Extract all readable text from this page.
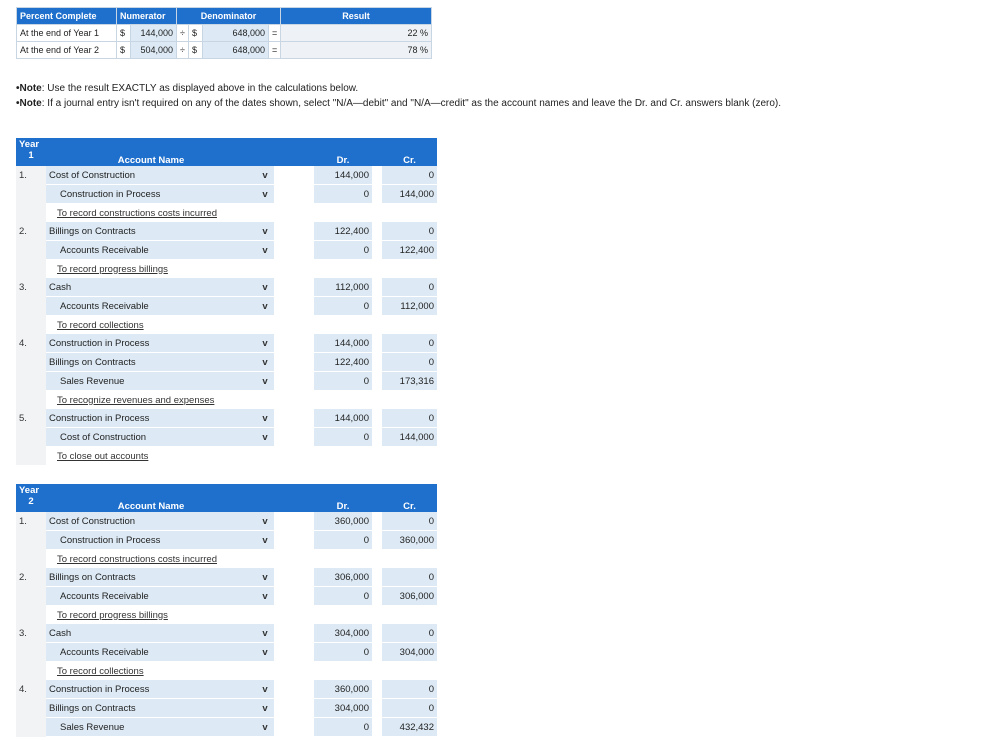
Percent Complete	Numerator		Denominator				Result
At the end of Year 1	$	144,000	÷	$	648,000	=	22 %
At the end of Year 2	$	504,000	÷	$	648,000	=	78 %
•Note: Use the result EXACTLY as displayed above in the calculations below.
•Note: If a journal entry isn't required on any of the dates shown, select "N/A—debit" and "N/A—credit" as the account names and leave the Dr. and Cr. answers blank (zero).
Year
1	Account Name			Dr.		Cr.
1.	Cost of Construction	v		144,000		0
	Construction in Process	v		0		144,000
	To record constructions costs incurred					
2.	Billings on Contracts	v		122,400		0
	Accounts Receivable	v		0		122,400
	To record progress billings					
3.	Cash	v		112,000		0
	Accounts Receivable	v		0		112,000
	To record collections					
4.	Construction in Process	v		144,000		0
	Billings on Contracts	v		122,400		0
	Sales Revenue	v		0		173,316
	To recognize revenues and expenses					
5.	Construction in Process	v		144,000		0
	Cost of Construction	v		0		144,000
	To close out accounts					
Year
2	Account Name			Dr.		Cr.
1.	Cost of Construction	v		360,000		0
	Construction in Process	v		0		360,000
	To record constructions costs incurred					
2.	Billings on Contracts	v		306,000		0
	Accounts Receivable	v		0		306,000
	To record progress billings					
3.	Cash	v		304,000		0
	Accounts Receivable	v		0		304,000
	To record collections					
4.	Construction in Process	v		360,000		0
	Billings on Contracts	v		304,000		0
	Sales Revenue	v		0		432,432
